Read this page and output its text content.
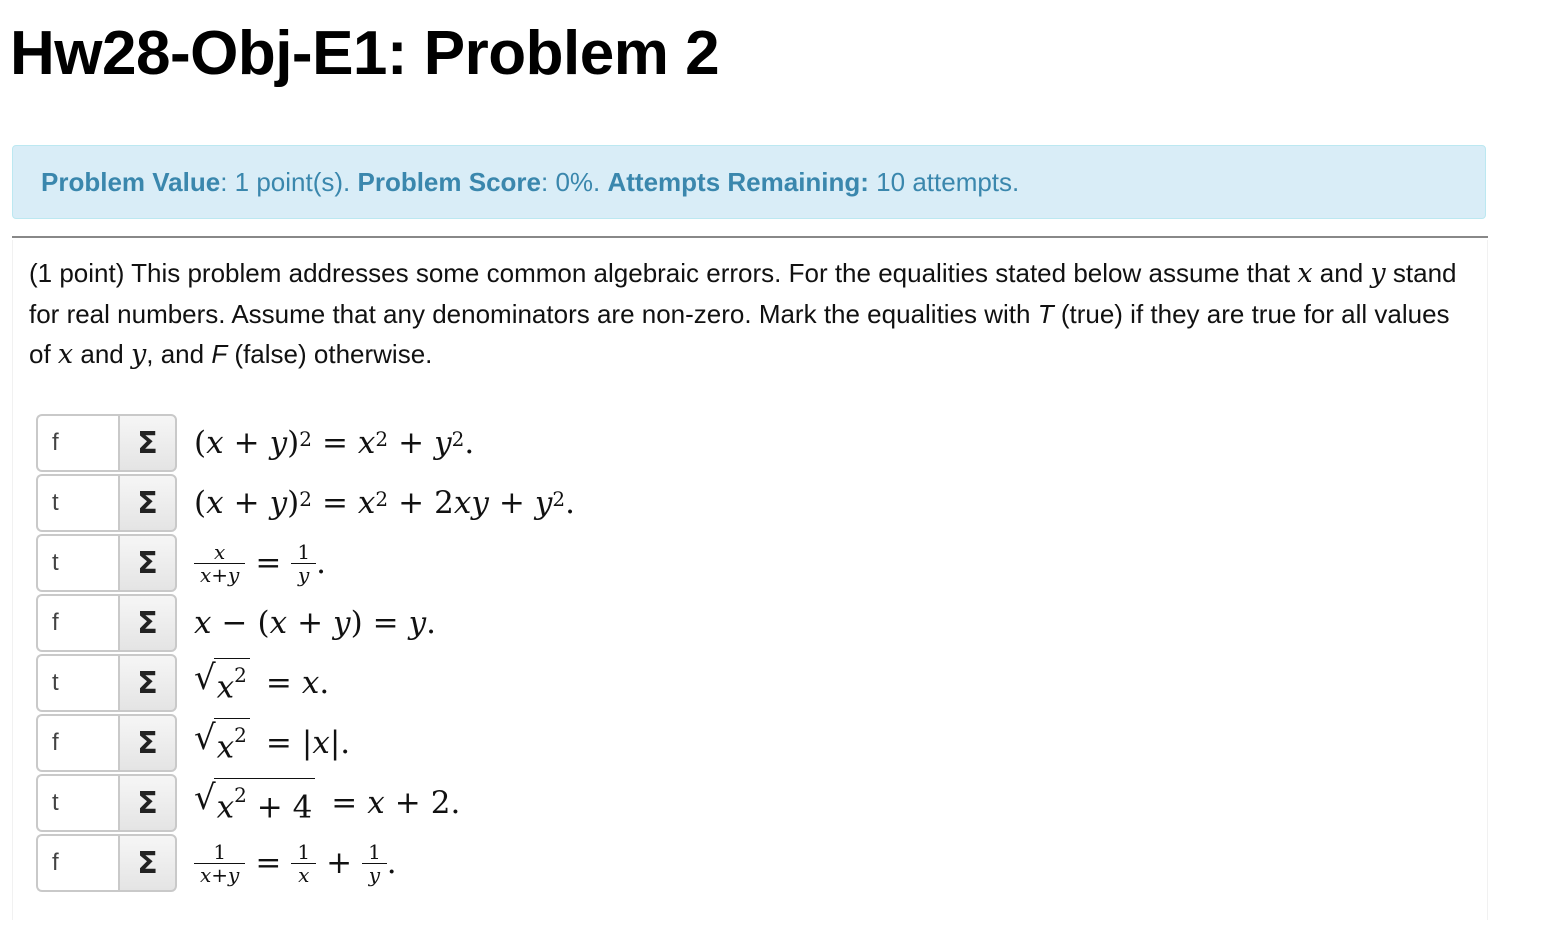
Hw28-Obj-E1: Problem 2
Problem Value: 1 point(s). Problem Score: 0%. Attempts Remaining: 10 attempts.
(1 point) This problem addresses some common algebraic errors. For the equalities stated below assume that x and y stand for real numbers. Assume that any denominators are non-zero. Mark the equalities with T (true) if they are true for all values of x and y, and F (false) otherwise.
f
Σ	( x + y )$^2 = x^2 + y^2$ .
t
Σ	( x + y )$^2 = x^2 + 2$ xy + $y^2$ .
t
Σ	$\frac{x}{x+y} = \frac{1}{y}$ .
f
Σ	x − ( x + y ) = y .
t
Σ	√ $x^2 = x$ .
f
Σ	√ $x^2$ = | x |.
t
Σ	√ $x^2 + 4 = x + 2$.
f
Σ	$\frac{1}{x+y} = \frac{1}{x} + \frac{1}{y}$ .
